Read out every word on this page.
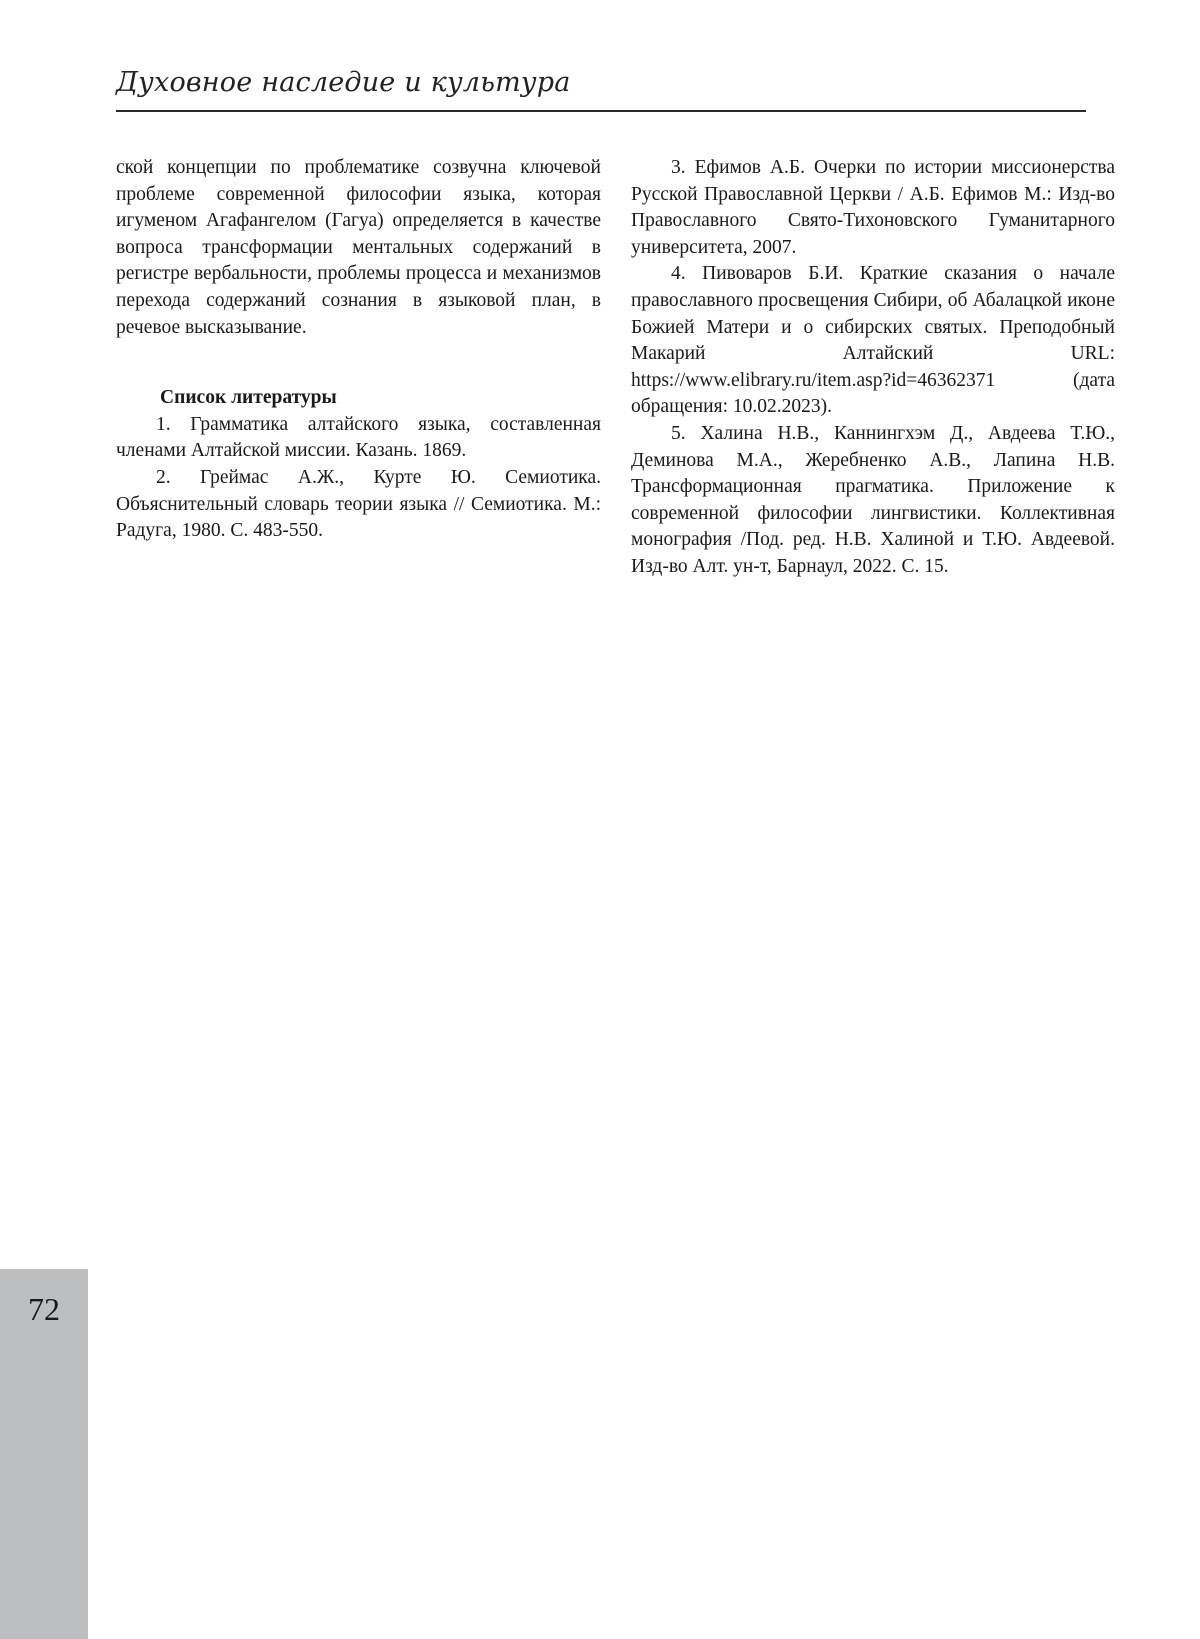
Духовное наследие и культура

ской концепции по проблематике созвучна ключевой проблеме современной философии языка, которая игуменом Агафангелом (Гагуа) определяется в качестве вопроса трансформации ментальных содержаний в регистре вербальности, проблемы процесса и механизмов перехода содержаний сознания в языковой план, в речевое высказывание.

Список литературы

1. Грамматика алтайского языка, составленная членами Алтайской миссии. Казань. 1869.

2. Греймас А.Ж., Курте Ю. Семиотика. Объяснительный словарь теории языка // Семиотика. М.: Радуга, 1980. С. 483-550.

3. Ефимов А.Б. Очерки по истории миссионерства Русской Православной Церкви / А.Б. Ефимов М.: Изд-во Православного Свято-Тихоновского Гуманитарного университета, 2007.

4. Пивоваров Б.И. Краткие сказания о начале православного просвещения Сибири, об Абалацкой иконе Божией Матери и о сибирских святых. Преподобный Макарий Алтайский URL: https://www.elibrary.ru/item.asp?id=46362371 (дата обращения: 10.02.2023).

5. Халина Н.В., Каннингхэм Д., Авдеева Т.Ю., Деминова М.А., Жеребненко А.В., Лапина Н.В. Трансформационная прагматика. Приложение к современной философии лингвистики. Коллективная монография /Под. ред. Н.В. Халиной и Т.Ю. Авдеевой. Изд-во Алт. ун-т, Барнаул, 2022. С. 15.

72
